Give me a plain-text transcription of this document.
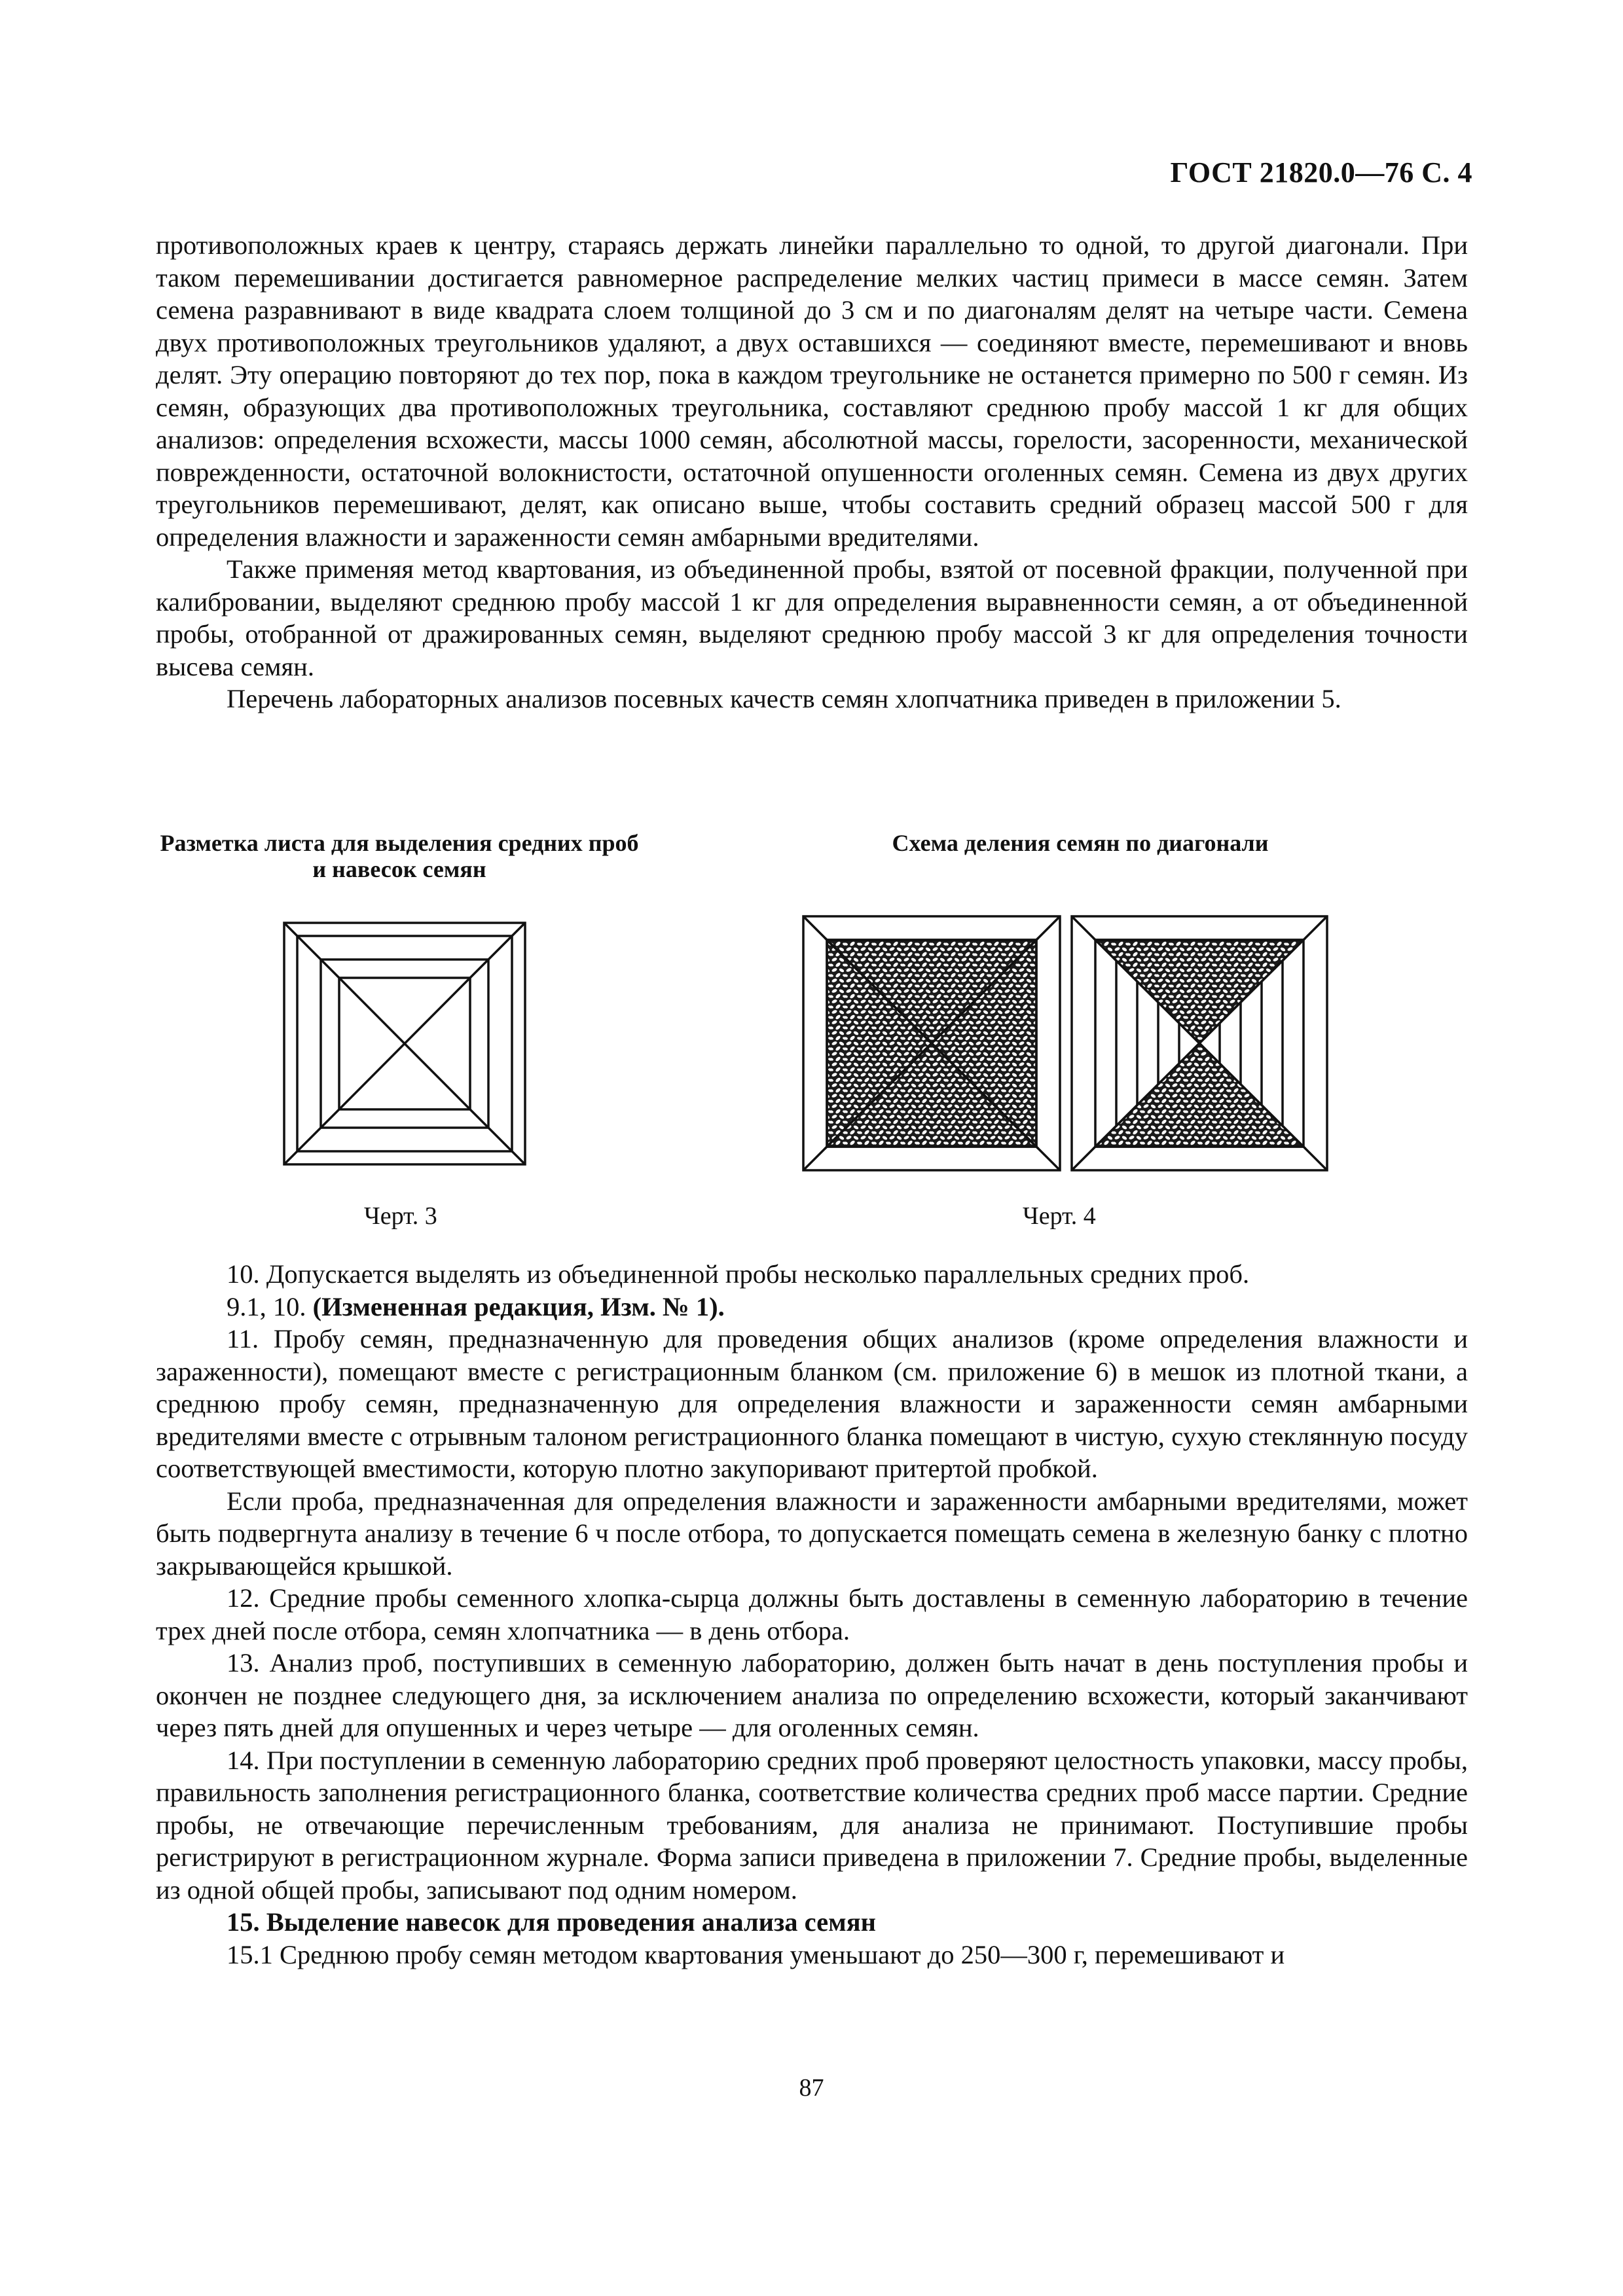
ГОСТ 21820.0—76 С. 4

противоположных краев к центру, стараясь держать линейки параллельно то одной, то другой диагонали. При таком перемешивании достигается равномерное распределение мелких частиц примеси в массе семян. Затем семена разравнивают в виде квадрата слоем толщиной до 3 см и по диагоналям делят на четыре части. Семена двух противоположных треугольников удаляют, а двух оставшихся — соединяют вместе, перемешивают и вновь делят. Эту операцию повторяют до тех пор, пока в каждом треугольнике не останется примерно по 500 г семян. Из семян, образующих два противоположных треугольника, составляют среднюю пробу массой 1 кг для общих анализов: определения всхожести, массы 1000 семян, абсолютной массы, горелости, засоренности, механической поврежденности, остаточной волокнистости, остаточной опушенности оголенных семян. Семена из двух других треугольников перемешивают, делят, как описано выше, чтобы составить средний образец массой 500 г для определения влажности и зараженности семян амбарными вредителями.

Также применяя метод квартования, из объединенной пробы, взятой от посевной фракции, полученной при калибровании, выделяют среднюю пробу массой 1 кг для определения выравненности семян, а от объединенной пробы, отобранной от дражированных семян, выделяют среднюю пробу массой 3 кг для определения точности высева семян.

Перечень лабораторных анализов посевных качеств семян хлопчатника приведен в приложении 5.

Разметка листа для выделения средних проб и навесок семян
Черт. 3
Схема деления семян по диагонали
Черт. 4

10. Допускается выделять из объединенной пробы несколько параллельных средних проб.

9.1, 10. (Измененная редакция, Изм. № 1).

11. Пробу семян, предназначенную для проведения общих анализов (кроме определения влажности и зараженности), помещают вместе с регистрационным бланком (см. приложение 6) в мешок из плотной ткани, а среднюю пробу семян, предназначенную для определения влажности и зараженности семян амбарными вредителями вместе с отрывным талоном регистрационного бланка помещают в чистую, сухую стеклянную посуду соответствующей вместимости, которую плотно закупоривают притертой пробкой.

Если проба, предназначенная для определения влажности и зараженности амбарными вредителями, может быть подвергнута анализу в течение 6 ч после отбора, то допускается помещать семена в железную банку с плотно закрывающейся крышкой.

12. Средние пробы семенного хлопка-сырца должны быть доставлены в семенную лабораторию в течение трех дней после отбора, семян хлопчатника — в день отбора.

13. Анализ проб, поступивших в семенную лабораторию, должен быть начат в день поступления пробы и окончен не позднее следующего дня, за исключением анализа по определению всхожести, который заканчивают через пять дней для опушенных и через четыре — для оголенных семян.

14. При поступлении в семенную лабораторию средних проб проверяют целостность упаковки, массу пробы, правильность заполнения регистрационного бланка, соответствие количества средних проб массе партии. Средние пробы, не отвечающие перечисленным требованиям, для анализа не принимают. Поступившие пробы регистрируют в регистрационном журнале. Форма записи приведена в приложении 7. Средние пробы, выделенные из одной общей пробы, записывают под одним номером.

15. Выделение навесок для проведения анализа семян

15.1 Среднюю пробу семян методом квартования уменьшают до 250—300 г, перемешивают и

87
